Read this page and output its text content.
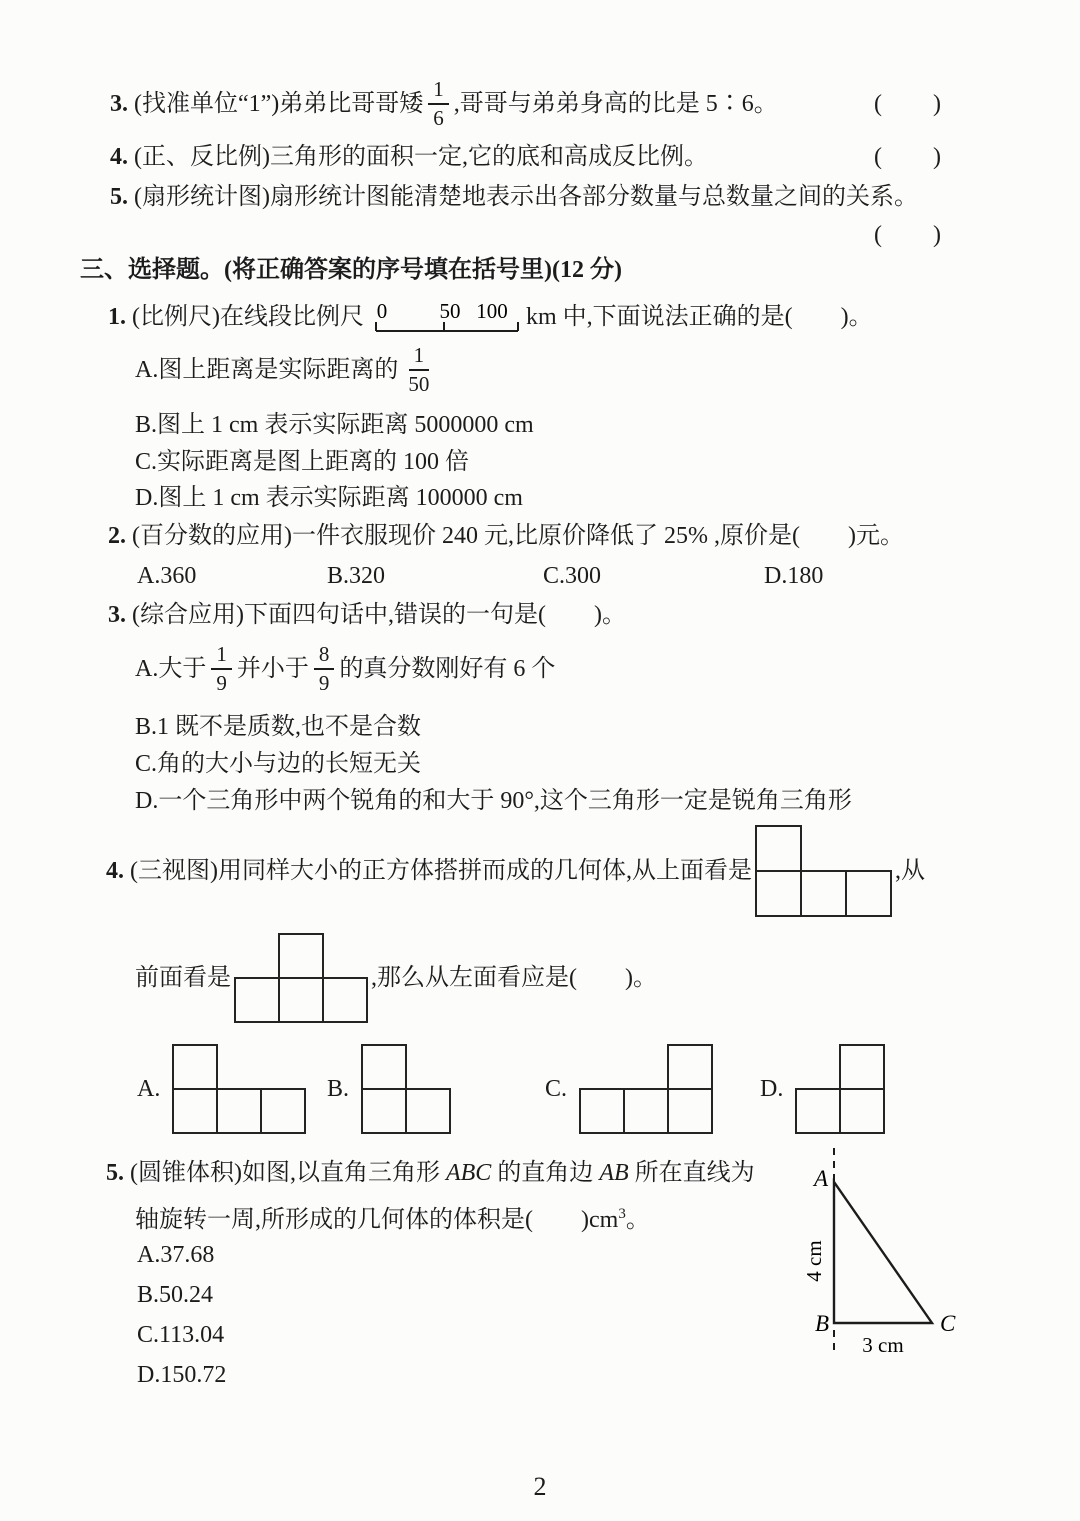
3. (找准单位“1”)弟弟比哥哥矮 $\frac{1}{6}$ ,哥哥与弟弟身高的比是 5∶6。	(　　)
4. (正、反比例)三角形的面积一定,它的底和高成反比例。	(　　)
5. (扇形统计图)扇形统计图能清楚地表示出各部分数量与总数量之间的关系。
(　　)
三、选择题。(将正确答案的序号填在括号里)(12 分)
1. (比例尺)在线段比例尺 0 50 100 km 中,下面说法正确的是(　　)。
A. 图上距离是实际距离的 $\frac{1}{50}$
B.图上 1 cm 表示实际距离 5000000 cm
C.实际距离是图上距离的 100 倍
D.图上 1 cm 表示实际距离 100000 cm
2. (百分数的应用)一件衣服现价 240 元,比原价降低了 25% ,原价是(　　)元。
A.360	B.320	C.300	D.180
3. (综合应用)下面四句话中,错误的一句是(　　)。
A. 大于 $\frac{1}{9}$ 并小于 $\frac{8}{9}$ 的真分数刚好有 6 个
B.1 既不是质数,也不是合数
C.角的大小与边的长短无关
D.一个三角形中两个锐角的和大于 90°,这个三角形一定是锐角三角形
4. (三视图)用同样大小的正方体搭拼而成的几何体,从上面看是	,从
前面看是	,那么从左面看应是(　　)。
A.	B.	C.	D.
5. (圆锥体积)如图,以直角三角形 ABC 的直角边 AB 所在直线为
轴旋转一周,所形成的几何体的体积是(　　)$cm^3$。
A.37.68
B.50.24
C.113.04
D.150.72
A
B	C
4 cm
3 cm
2
